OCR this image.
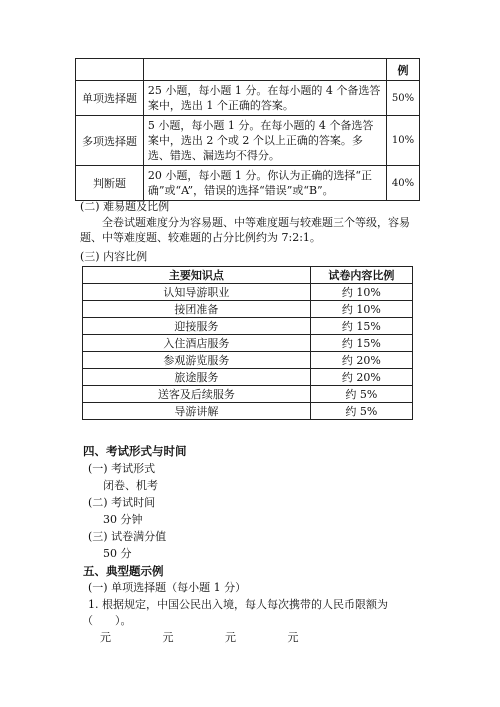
		例
单项选择题	25 小题，每小题 1 分。在每小题的 4 个备选答案中，选出 1 个正确的答案。	50%
多项选择题	5 小题，每小题 1 分。在每小题的 4 个备选答案中，选出 2 个或 2 个以上正确的答案。多选、错选、漏选均不得分。	10%
判断题	20 小题，每小题 1 分。你认为正确的选择“正确”或“A”，错误的选择“错误”或“B”。	40%
(二) 难易题及比例
全卷试题难度分为容易题、中等难度题与较难题三个等级，容易题、中等难度题、较难题的占分比例约为 7:2:1。
(三) 内容比例
主要知识点	试卷内容比例
认知导游职业	约 10%
接团准备	约 10%
迎接服务	约 15%
入住酒店服务	约 15%
参观游览服务	约 20%
旅途服务	约 20%
送客及后续服务	约 5%
导游讲解	约 5%
四、考试形式与时间
(一) 考试形式
闭卷、机考
(二) 考试时间
30 分钟
(三) 试卷满分值
50 分
五、典型题示例
(一) 单项选择题（每小题 1 分）
1. 根据规定，中国公民出入境，每人每次携带的人民币限额为
（　　）。
元	元	元	元
